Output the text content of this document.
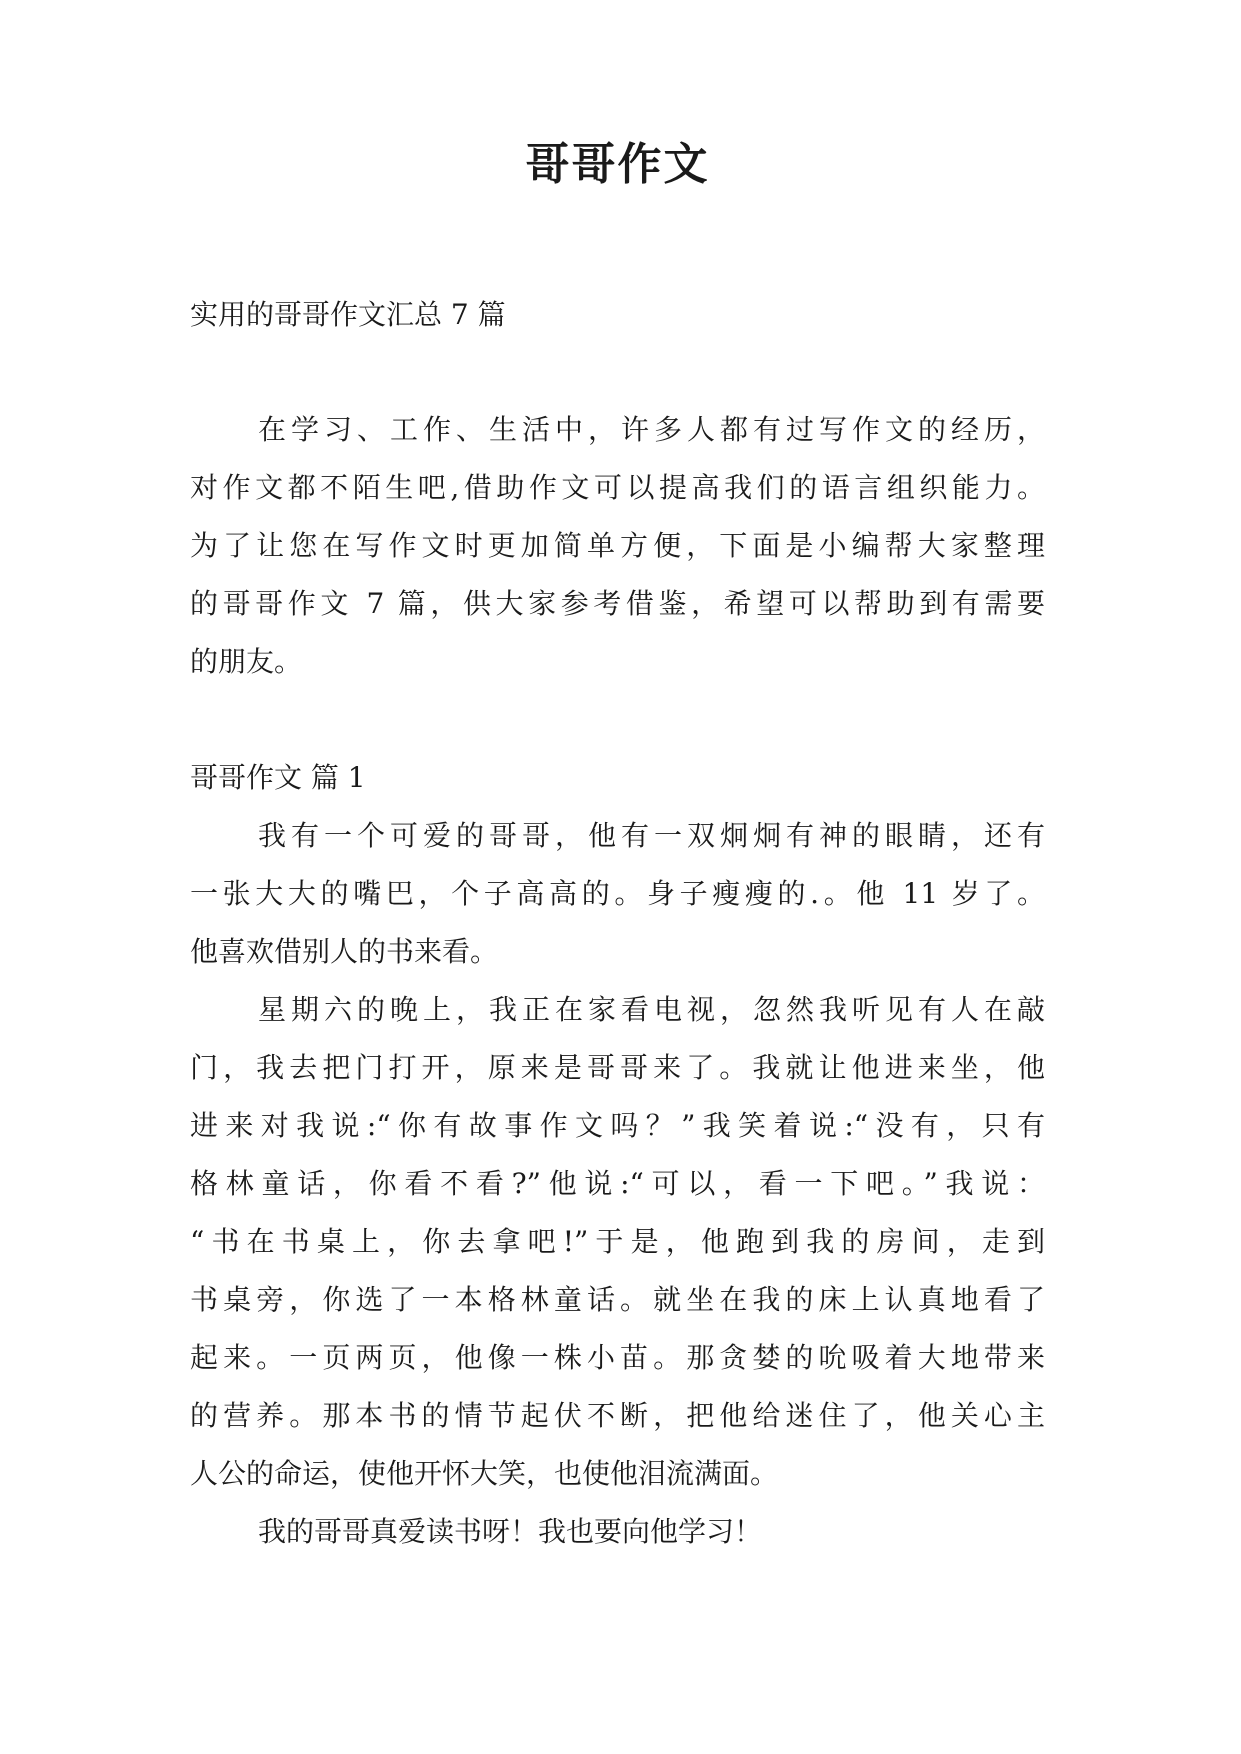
哥哥作文
实用的哥哥作文汇总 7 篇
在学习、工作、生活中，许多人都有过写作文的经历，
对作文都不陌生吧,借助作文可以提高我们的语言组织能力。
为了让您在写作文时更加简单方便，下面是小编帮大家整理
的哥哥作文 7 篇，供大家参考借鉴，希望可以帮助到有需要
的朋友。
哥哥作文 篇 1
我有一个可爱的哥哥，他有一双炯炯有神的眼睛，还有
一张大大的嘴巴，个子高高的。身子瘦瘦的.。他 11 岁了。
他喜欢借别人的书来看。
星期六的晚上，我正在家看电视，忽然我听见有人在敲
门，我去把门打开，原来是哥哥来了。我就让他进来坐，他
进来对我说:“你有故事作文吗？”我笑着说:“没有，只有
格林童话，你看不看?”他说:“可以，看一下吧。”我说：
“书在书桌上，你去拿吧!”于是，他跑到我的房间，走到
书桌旁，你选了一本格林童话。就坐在我的床上认真地看了
起来。一页两页，他像一株小苗。那贪婪的吮吸着大地带来
的营养。那本书的情节起伏不断，把他给迷住了，他关心主
人公的命运，使他开怀大笑，也使他泪流满面。
我的哥哥真爱读书呀！我也要向他学习！
